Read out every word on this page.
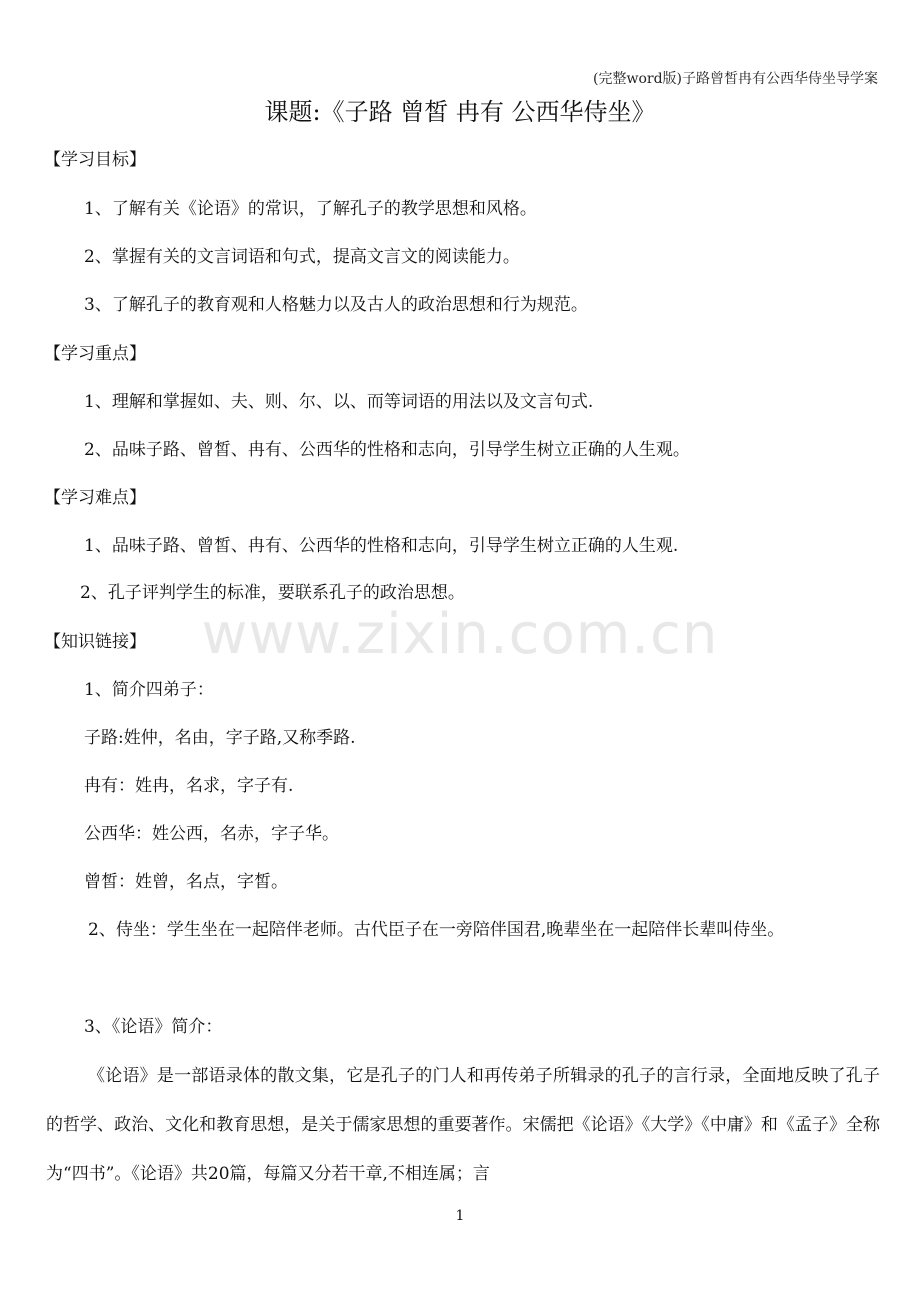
(完整word版)子路曾皙冉有公西华侍坐导学案
课题:《子路 曾皙 冉有 公西华侍坐》
【学习目标】
1、了解有关《论语》的常识，了解孔子的教学思想和风格。
2、掌握有关的文言词语和句式，提高文言文的阅读能力。
3、了解孔子的教育观和人格魅力以及古人的政治思想和行为规范。
【学习重点】
1、理解和掌握如、夫、则、尔、以、而等词语的用法以及文言句式.
2、品味子路、曾皙、冉有、公西华的性格和志向，引导学生树立正确的人生观。
【学习难点】
1、品味子路、曾皙、冉有、公西华的性格和志向，引导学生树立正确的人生观.
2、孔子评判学生的标准，要联系孔子的政治思想。
【知识链接】
1、简介四弟子：
子路:姓仲，名由，字子路,又称季路.
冉有：姓冉，名求，字子有.
公西华：姓公西，名赤，字子华。
曾皙：姓曾，名点，字皙。
2、侍坐：学生坐在一起陪伴老师。古代臣子在一旁陪伴国君,晚辈坐在一起陪伴长辈叫侍坐。
3、《论语》简介：
《论语》是一部语录体的散文集，它是孔子的门人和再传弟子所辑录的孔子的言行录，全面地反映了孔子的哲学、政治、文化和教育思想，是关于儒家思想的重要著作。宋儒把《论语》《大学》《中庸》和《孟子》全称为“四书”。《论语》共20篇，每篇又分若干章,不相连属；言
www.zixin.com.cn
1
